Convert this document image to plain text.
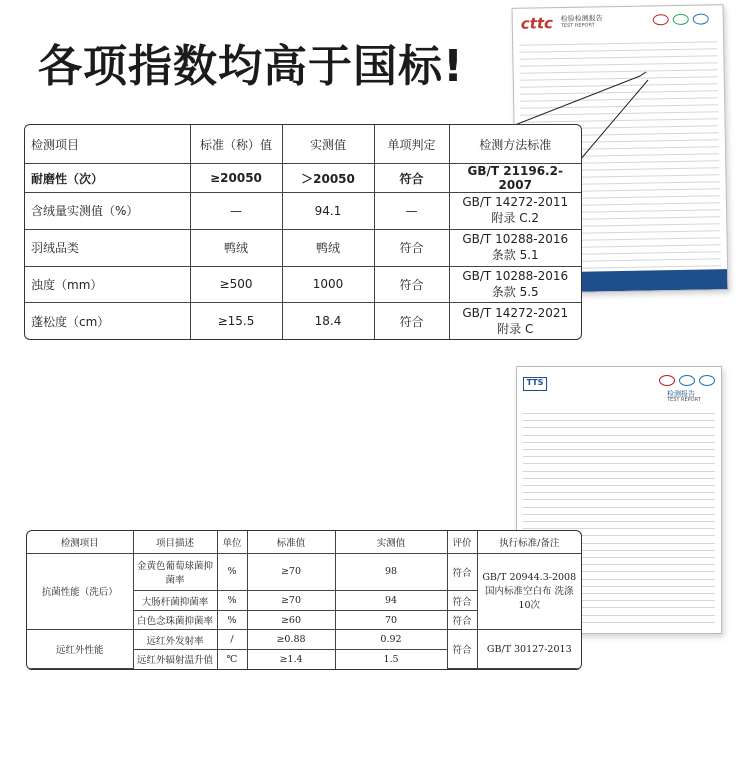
各项指数均高于国标!
cttc 检验检测报告
TEST REPORT
TTS
检测报告
TEST REPORT
检测项目	标准（称）值	实测值	单项判定	检测方法标准
耐磨性（次）	≥20050	＞20050	符合	GB/T 21196.2-2007
含绒量实测值（%）	—	94.1	—	GB/T 14272-2011 附录 C.2
羽绒品类	鸭绒	鸭绒	符合	GB/T 10288-2016 条款 5.1
浊度（mm）	≥500	1000	符合	GB/T 10288-2016 条款 5.5
蓬松度（cm）	≥15.5	18.4	符合	GB/T 14272-2021 附录 C
检测项目	项目描述	单位	标准值	实测值	评价	执行标准/备注
抗菌性能（洗后）	金黄色葡萄球菌抑菌率	%	≥70	98	符合	GB/T 20944.3-2008 国内标准空白布 洗涤10次
	大肠杆菌抑菌率	%	≥70	94	符合	
	白色念珠菌抑菌率	%	≥60	70	符合	
远红外性能	远红外发射率	/	≥0.88	0.92	符合	GB/T 30127-2013
	远红外辐射温升值	℃	≥1.4	1.5		
